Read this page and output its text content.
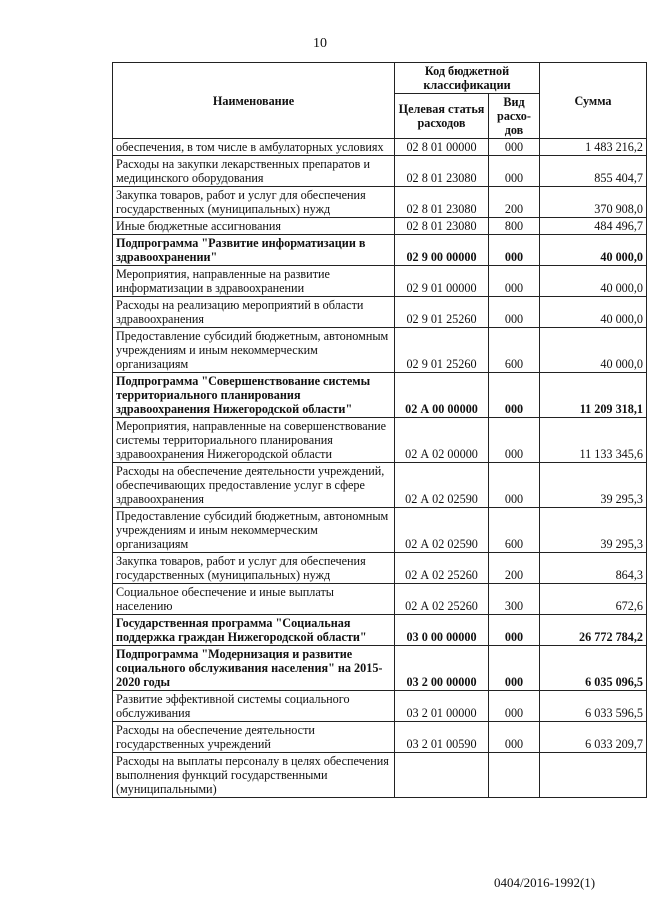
10
Наименование	Код бюджетной классификации		Сумма
	Целевая статья расходов	Вид расхо-дов	
обеспечения, в том числе в амбулаторных условиях	02 8 01 00000	000	1 483 216,2
Расходы на закупки лекарственных препаратов и медицинского оборудования	02 8 01 23080	000	855 404,7
Закупка товаров, работ и услуг для обеспечения государственных (муниципальных) нужд	02 8 01 23080	200	370 908,0
Иные бюджетные ассигнования	02 8 01 23080	800	484 496,7
Подпрограмма "Развитие информатизации в здравоохранении"	02 9 00 00000	000	40 000,0
Мероприятия, направленные на развитие информатизации в здравоохранении	02 9 01 00000	000	40 000,0
Расходы на реализацию мероприятий в области здравоохранения	02 9 01 25260	000	40 000,0
Предоставление субсидий бюджетным, автономным учреждениям и иным некоммерческим организациям	02 9 01 25260	600	40 000,0
Подпрограмма "Совершенствование системы территориального планирования здравоохранения Нижегородской области"	02 А 00 00000	000	11 209 318,1
Мероприятия, направленные на совершенствование системы территориального планирования здравоохранения Нижегородской области	02 А 02 00000	000	11 133 345,6
Расходы на обеспечение деятельности учреждений, обеспечивающих предоставление услуг в сфере здравоохранения	02 А 02 02590	000	39 295,3
Предоставление субсидий бюджетным, автономным учреждениям и иным некоммерческим организациям	02 А 02 02590	600	39 295,3
Закупка товаров, работ и услуг для обеспечения государственных (муниципальных) нужд	02 А 02 25260	200	864,3
Социальное обеспечение и иные выплаты населению	02 А 02 25260	300	672,6
Государственная программа "Социальная поддержка граждан Нижегородской области"	03 0 00 00000	000	26 772 784,2
Подпрограмма "Модернизация и развитие социального обслуживания населения" на 2015-2020 годы	03 2 00 00000	000	6 035 096,5
Развитие эффективной системы социального обслуживания	03 2 01 00000	000	6 033 596,5
Расходы на обеспечение деятельности государственных учреждений	03 2 01 00590	000	6 033 209,7
Расходы на выплаты персоналу в целях обеспечения выполнения функций государственными (муниципальными)			
0404/2016-1992(1)
